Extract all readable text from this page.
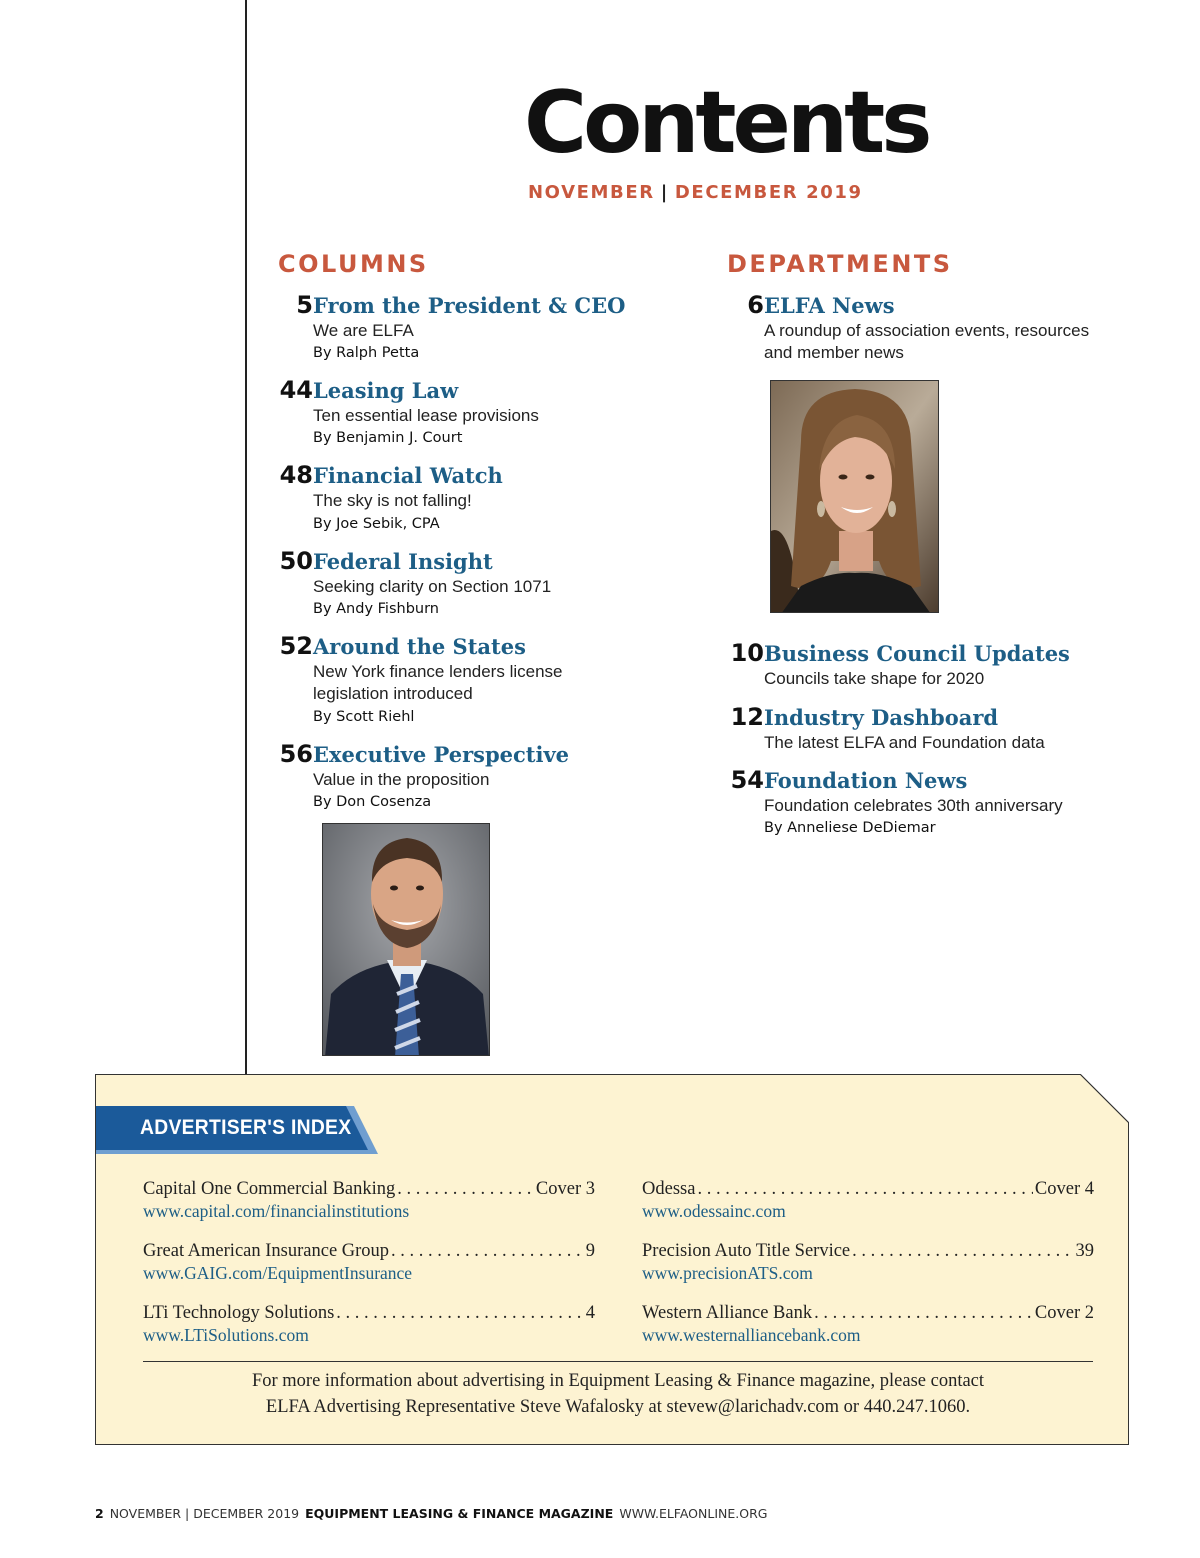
Contents
NOVEMBER | DECEMBER 2019
COLUMNS
5 From the President & CEO
We are ELFA
By Ralph Petta
44 Leasing Law
Ten essential lease provisions
By Benjamin J. Court
48 Financial Watch
The sky is not falling!
By Joe Sebik, CPA
50 Federal Insight
Seeking clarity on Section 1071
By Andy Fishburn
52 Around the States
New York finance lenders license legislation introduced
By Scott Riehl
56 Executive Perspective
Value in the proposition
By Don Cosenza
DEPARTMENTS
6 ELFA News
A roundup of association events, resources and member news
10 Business Council Updates
Councils take shape for 2020
12 Industry Dashboard
The latest ELFA and Foundation data
54 Foundation News
Foundation celebrates 30th anniversary
By Anneliese DeDiemar
ADVERTISER'S INDEX
Capital One Commercial Banking . . .	Cover 3
www.capital.com/financialinstitutions
Great American Insurance Group . . .	9
www.GAIG.com/EquipmentInsurance
LTi Technology Solutions . . .	4
www.LTiSolutions.com
Odessa . . .	Cover 4
www.odessainc.com
Precision Auto Title Service . . .	39
www.precisionATS.com
Western Alliance Bank . . .	Cover 2
www.westernalliancebank.com
For more information about advertising in Equipment Leasing & Finance magazine, please contact
ELFA Advertising Representative Steve Wafalosky at stevew@larichadv.com or 440.247.1060.
2 NOVEMBER | DECEMBER 2019 EQUIPMENT LEASING & FINANCE MAGAZINE WWW.ELFAONLINE.ORG
